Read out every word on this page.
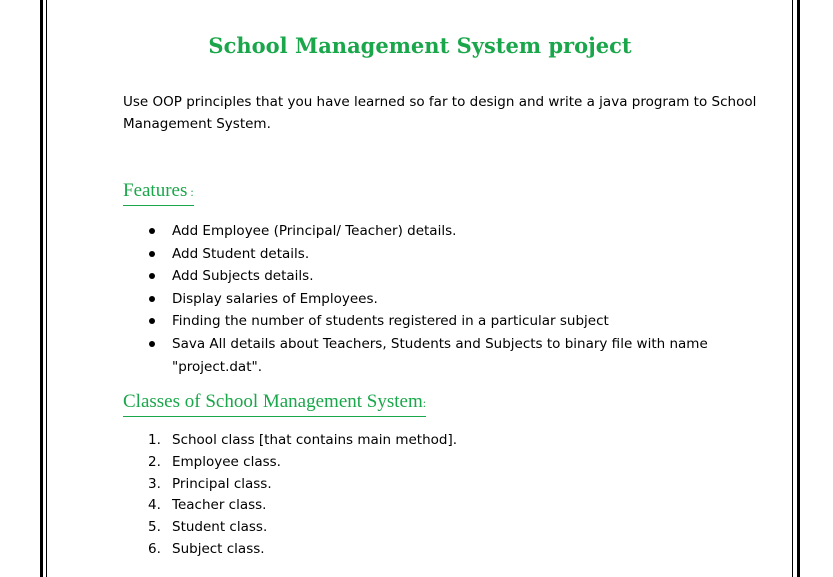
School Management System project
Use OOP principles that you have learned so far to design and write a java program to School Management System.
Features :
Add Employee (Principal/ Teacher) details.
Add Student details.
Add Subjects details.
Display salaries of Employees.
Finding the number of students registered in a particular subject
Sava All details about Teachers, Students and Subjects to binary file with name "project.dat".
Classes of School Management System:
1. School class [that contains main method].
2. Employee class.
3. Principal class.
4. Teacher class.
5. Student class.
6. Subject class.
